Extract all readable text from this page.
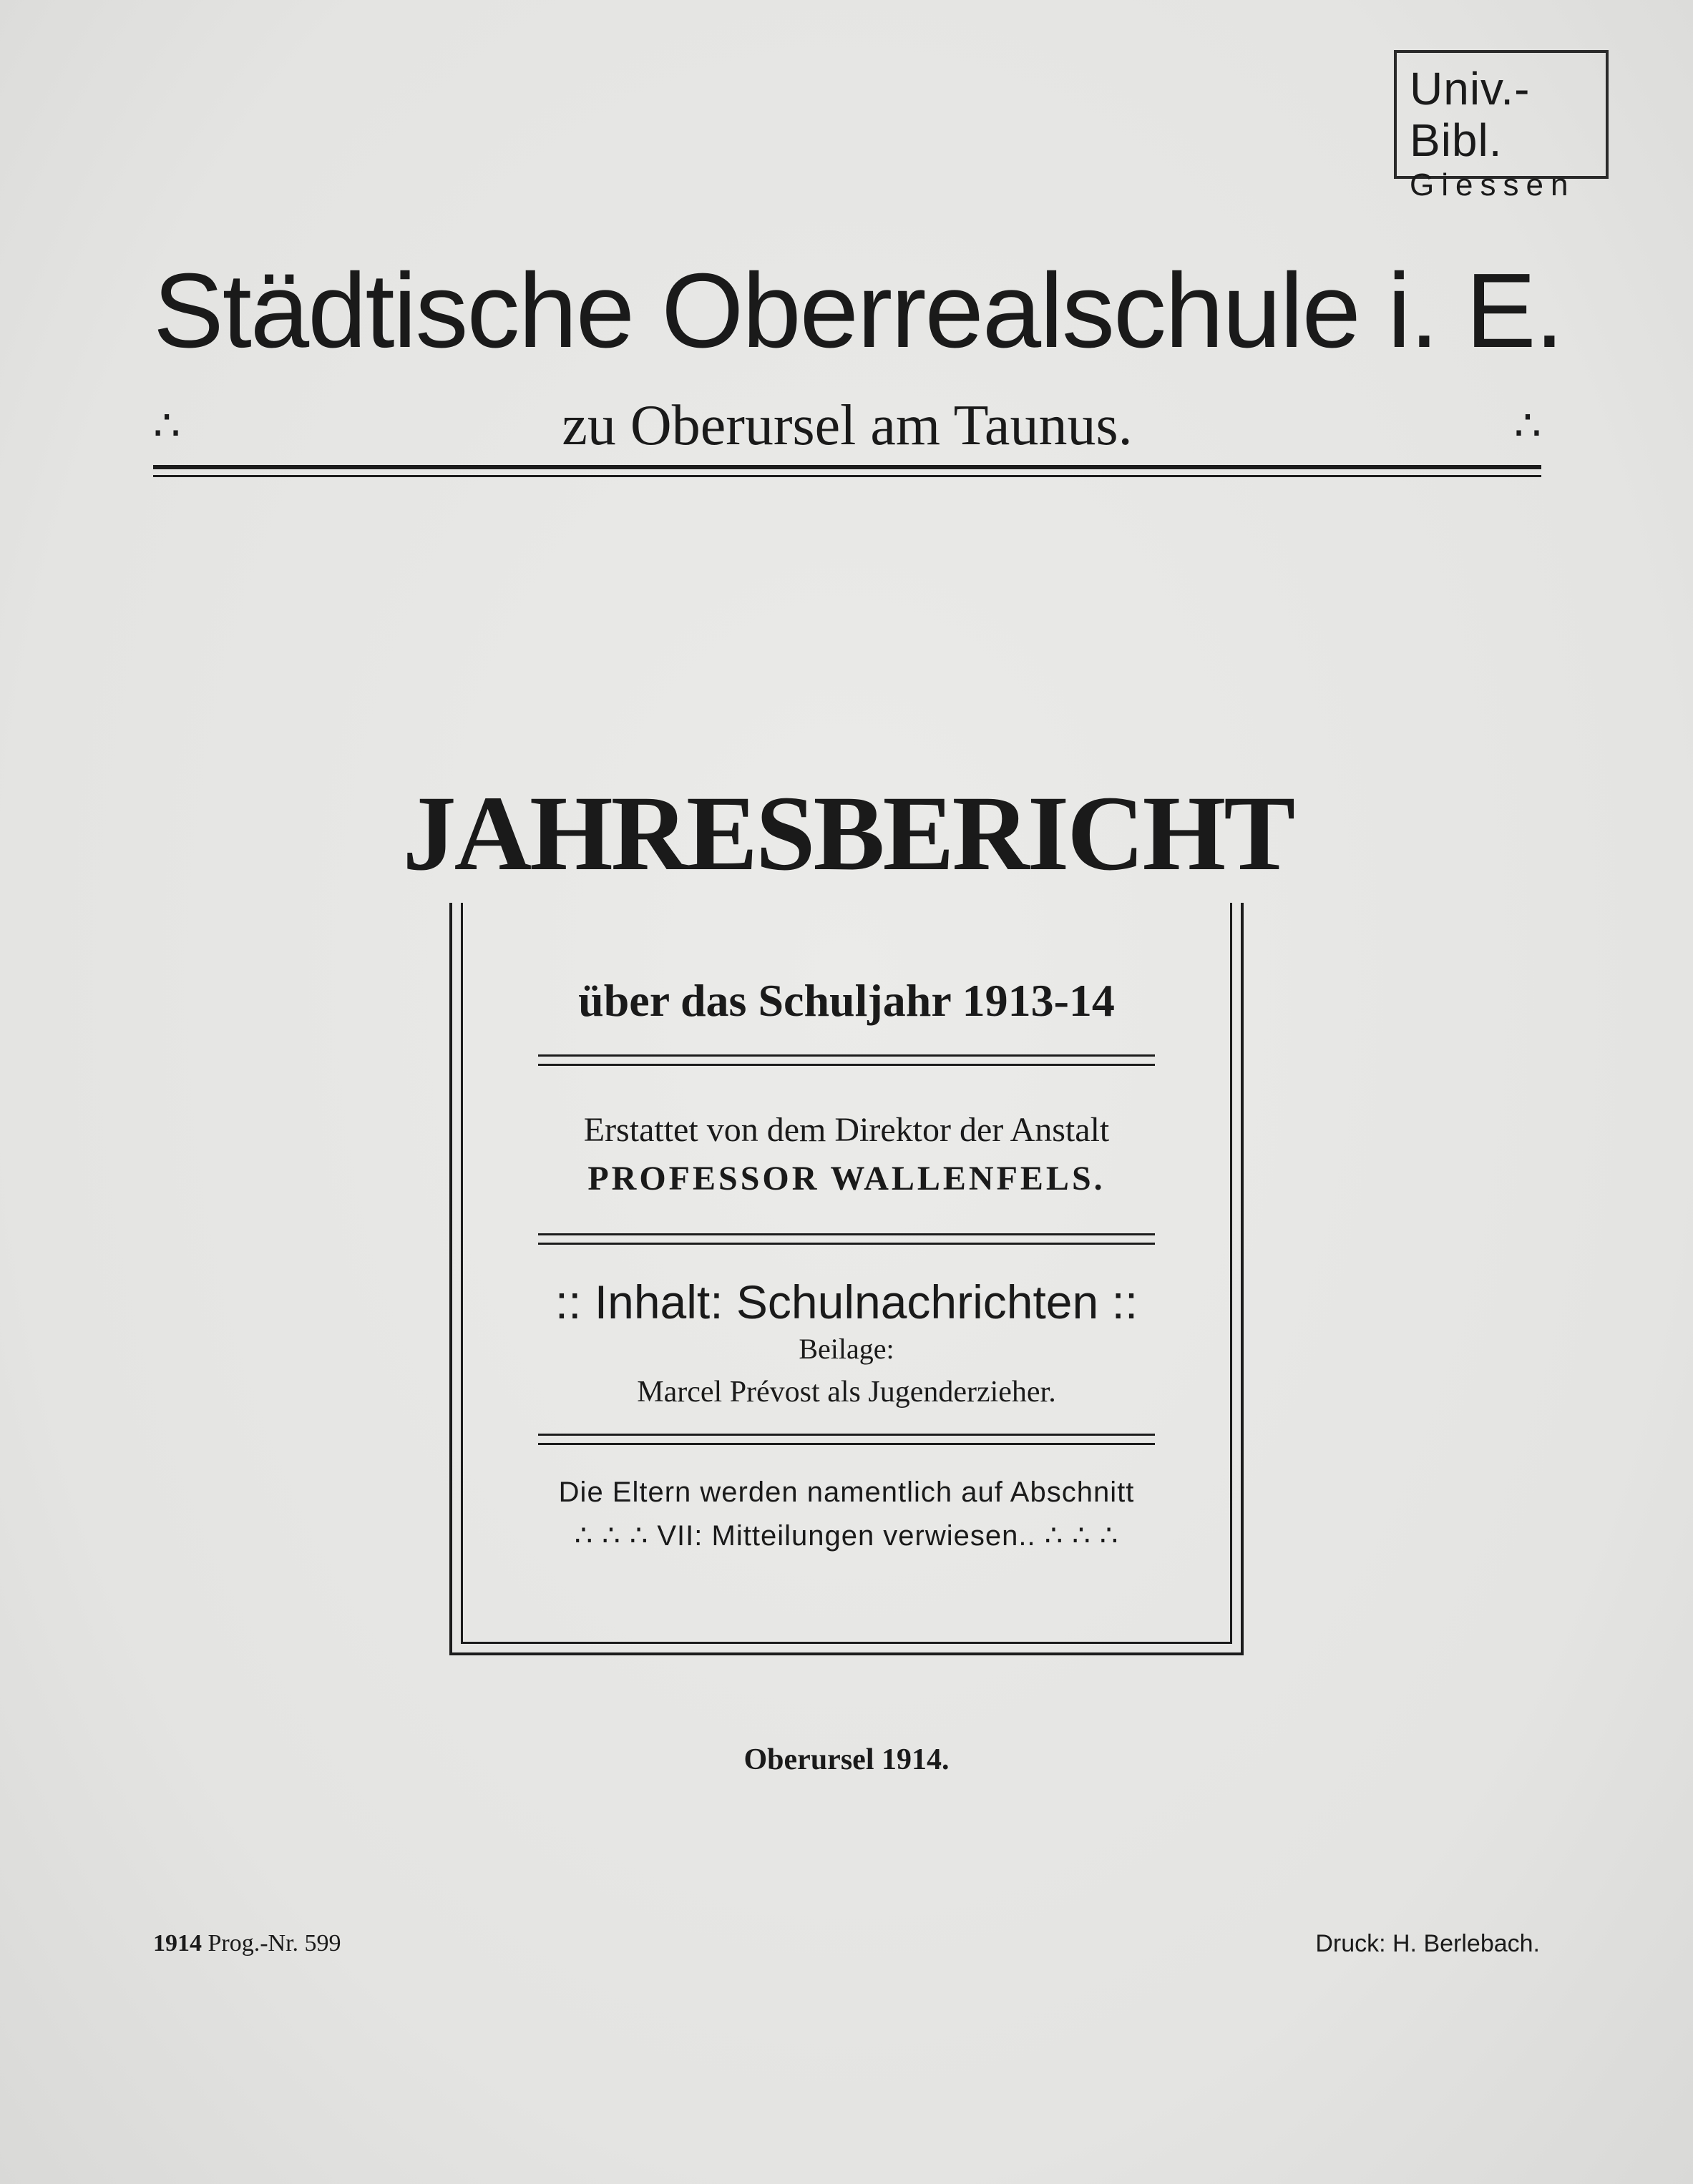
Univ.-Bibl.
Giessen
Städtische Oberrealschule i. E.
∴	zu Oberursel am Taunus.	∴
JAHRESBERICHT
über das Schuljahr 1913-14
Erstattet von dem Direktor der Anstalt
PROFESSOR WALLENFELS.
:: Inhalt: Schulnachrichten ::
Beilage:
Marcel Prévost als Jugenderzieher.
Die Eltern werden namentlich auf Abschnitt
∴ ∴ ∴ VII: Mitteilungen verwiesen.. ∴ ∴ ∴
Oberursel 1914.
1914 Prog.-Nr. 599	Druck: H. Berlebach.
